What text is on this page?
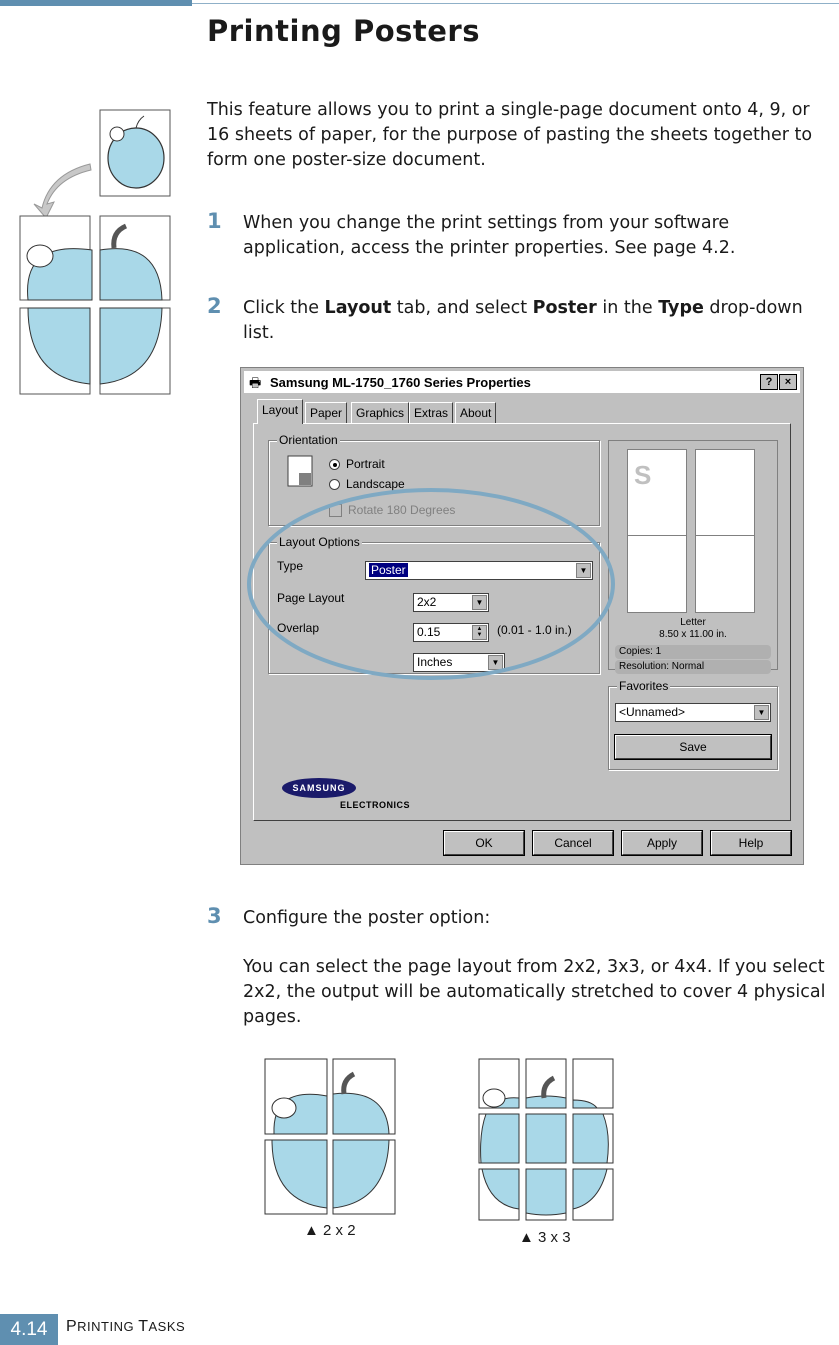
Printing Posters

This feature allows you to print a single-page document onto 4, 9, or 16 sheets of paper, for the purpose of pasting the sheets together to form one poster-size document.

1 When you change the print settings from your software application, access the printer properties. See page 4.2.

2 Click the Layout tab, and select Poster in the Type drop-down list.

🖶 Samsung ML-1750_1760 Series Properties	?	×
Layout Paper	Graphics Extras About
Orientation
Portrait
Landscape
Rotate 180 Degrees
Layout Options
Type	Poster	▼
Page Layout	2x2	▼
Overlap	0.15	▲
▼	(0.01 - 1.0 in.)
Inches	▼
S
Letter
8.50 x 11.00 in.
Copies: 1
Resolution: Normal
Favorites
<Unnamed>	▼
Save
SAMSUNG
ELECTRONICS
OK	Cancel	Apply	Help
3 Configure the poster option:

You can select the page layout from 2x2, 3x3, or 4x4. If you select 2x2, the output will be automatically stretched to cover 4 physical pages.

▲ 2 x 2	▲ 3 x 3
4.14	PRINTING TASKS
